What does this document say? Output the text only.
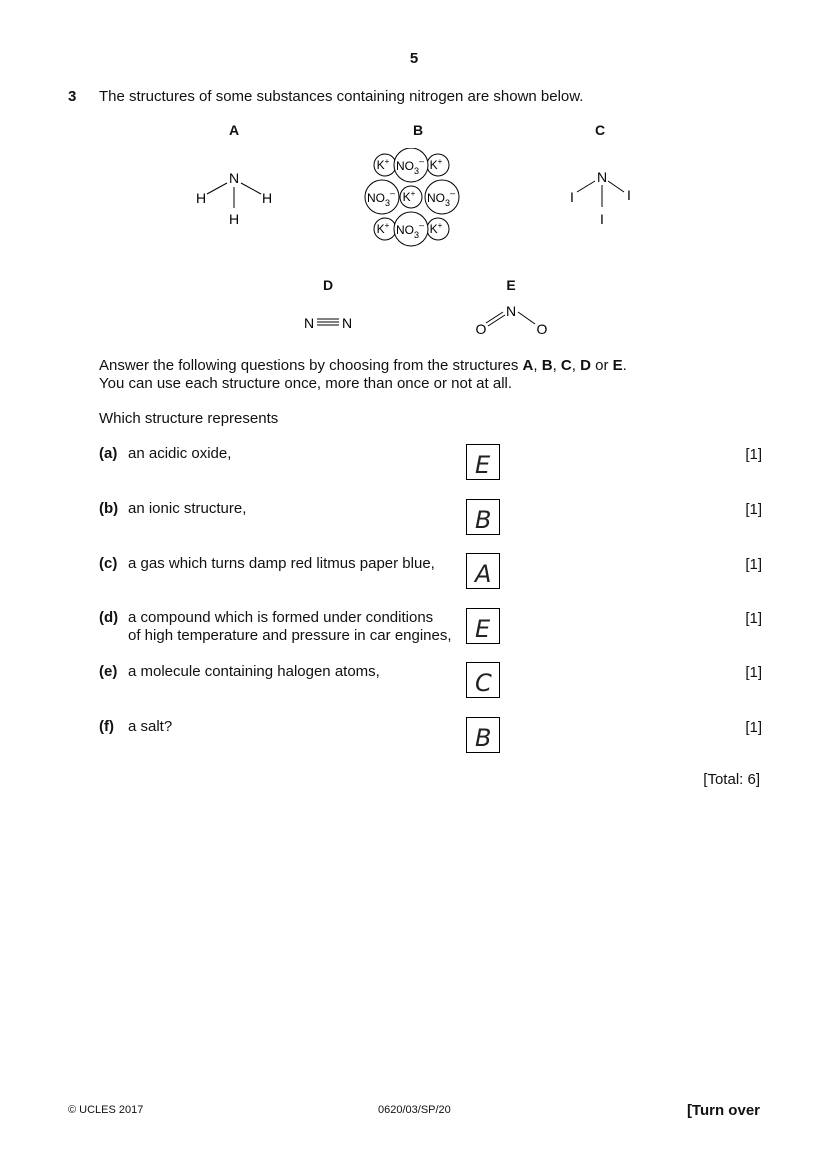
5
3 The structures of some substances containing nitrogen are shown below.
A	B	C
D	E
N
H	H
H
K+	K+
K+
K+	K+
$NO_3^-$
$NO_3^-$	$NO_3^-$
$NO_3^-$
N
I	I
I
N N
N
O	O
Answer the following questions by choosing from the structures A, B, C, D or E.
You can use each structure once, more than once or not at all.
Which structure represents
(a) an acidic oxide,	E	[1]
(b) an ionic structure,	B	[1]
(c) a gas which turns damp red litmus paper blue, A	[1]
(d) a compound which is formed under conditions
of high temperature and pressure in car engines, E	[1]
(e) a molecule containing halogen atoms,	C	[1]
(f) a salt?	B	[1]
[Total: 6]
© UCLES 2017	0620/03/SP/20	[Turn over
